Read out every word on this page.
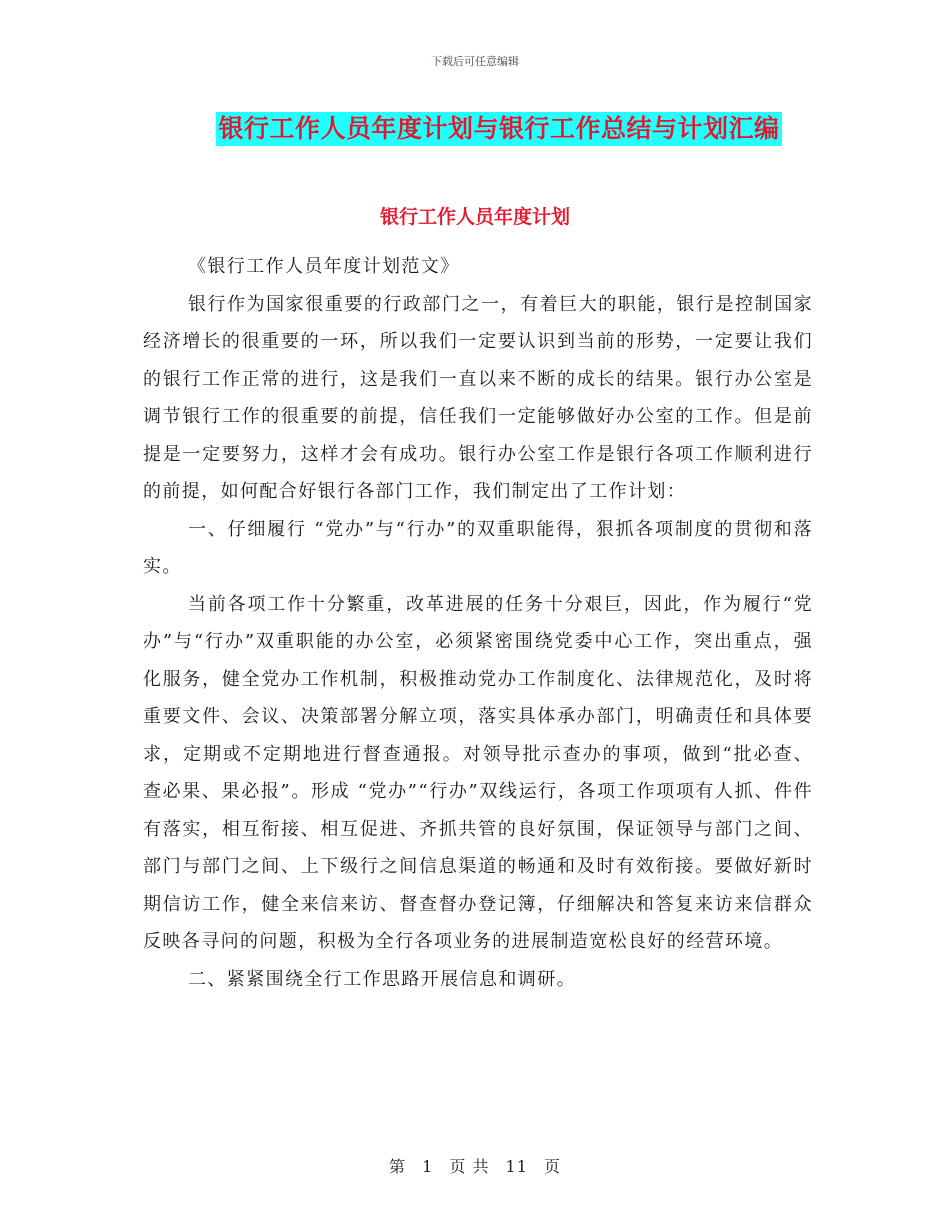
下载后可任意编辑
银行工作人员年度计划与银行工作总结与计划汇编
银行工作人员年度计划

《银行工作人员年度计划范文》

银行作为国家很重要的行政部门之一，有着巨大的职能，银行是控制国家经济增长的很重要的一环，所以我们一定要认识到当前的形势，一定要让我们的银行工作正常的进行，这是我们一直以来不断的成长的结果。银行办公室是调节银行工作的很重要的前提，信任我们一定能够做好办公室的工作。但是前提是一定要努力，这样才会有成功。银行办公室工作是银行各项工作顺利进行的前提，如何配合好银行各部门工作，我们制定出了工作计划：

一、仔细履行 “党办”与“行办”的双重职能得，狠抓各项制度的贯彻和落实。

当前各项工作十分繁重，改革进展的任务十分艰巨，因此，作为履行“党办”与“行办”双重职能的办公室，必须紧密围绕党委中心工作，突出重点，强化服务，健全党办工作机制，积极推动党办工作制度化、法律规范化，及时将重要文件、会议、决策部署分解立项，落实具体承办部门，明确责任和具体要求，定期或不定期地进行督查通报。对领导批示查办的事项，做到“批必查、查必果、果必报”。形成 “党办”“行办”双线运行，各项工作项项有人抓、件件有落实，相互衔接、相互促进、齐抓共管的良好氛围，保证领导与部门之间、部门与部门之间、上下级行之间信息渠道的畅通和及时有效衔接。要做好新时期信访工作，健全来信来访、督查督办登记簿，仔细解决和答复来访来信群众反映各寻问的问题，积极为全行各项业务的进展制造宽松良好的经营环境。

二、紧紧围绕全行工作思路开展信息和调研。

第 1 页 共 11 页
